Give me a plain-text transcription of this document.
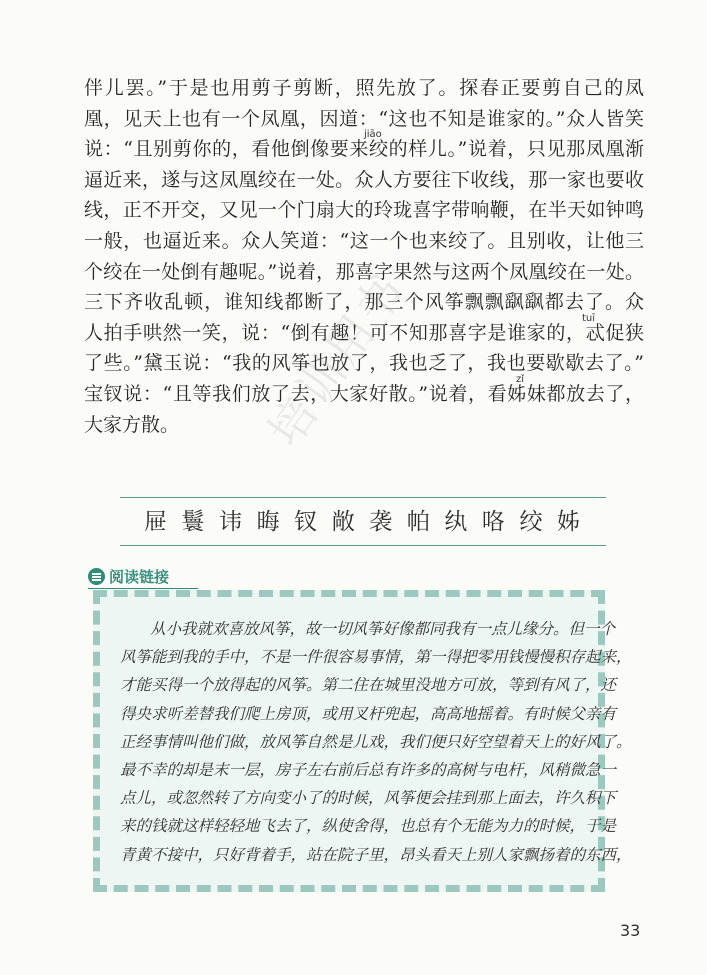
伴儿罢。”于是也用剪子剪断，照先放了。探春正要剪自己的凤
凰，见天上也有一个凤凰，因道：“这也不知是谁家的。”众人皆笑
jiāo
说：“且别剪你的，看他倒像要来绞的样儿。”说着，只见那凤凰渐
逼近来，遂与这凤凰绞在一处。众人方要往下收线，那一家也要收
线，正不开交，又见一个门扇大的玲珑喜字带响鞭，在半天如钟鸣
一般，也逼近来。众人笑道：“这一个也来绞了。且别收，让他三
个绞在一处倒有趣呢。”说着，那喜字果然与这两个凤凰绞在一处。
三下齐收乱顿，谁知线都断了，那三个风筝飘飘飖飖都去了。众
tuī
人拍手哄然一笑，说：“倒有趣！可不知那喜字是谁家的，忒促狭
了些。”黛玉说：“我的风筝也放了，我也乏了，我也要歇歇去了。”
zǐ
宝钗说：“且等我们放了去，大家好散。”说着，看姊妹都放去了，
大家方散。	培训用书
屉鬟讳晦钗敞袭帕纨咯绞姊
阅读链接
从小我就欢喜放风筝，故一切风筝好像都同我有一点儿缘分。但一个
风筝能到我的手中，不是一件很容易事情，第一得把零用钱慢慢积存起来，
才能买得一个放得起的风筝。第二住在城里没地方可放，等到有风了，还
得央求听差替我们爬上房顶，或用叉杆兜起，高高地摇着。有时候父亲有
正经事情叫他们做，放风筝自然是儿戏，我们便只好空望着天上的好风了。
最不幸的却是末一层，房子左右前后总有许多的高树与电杆，风稍微急一
点儿，或忽然转了方向变小了的时候，风筝便会挂到那上面去，许久积下
来的钱就这样轻轻地飞去了，纵使舍得，也总有个无能为力的时候，于是
青黄不接中，只好背着手，站在院子里，昂头看天上别人家飘扬着的东西，
33
